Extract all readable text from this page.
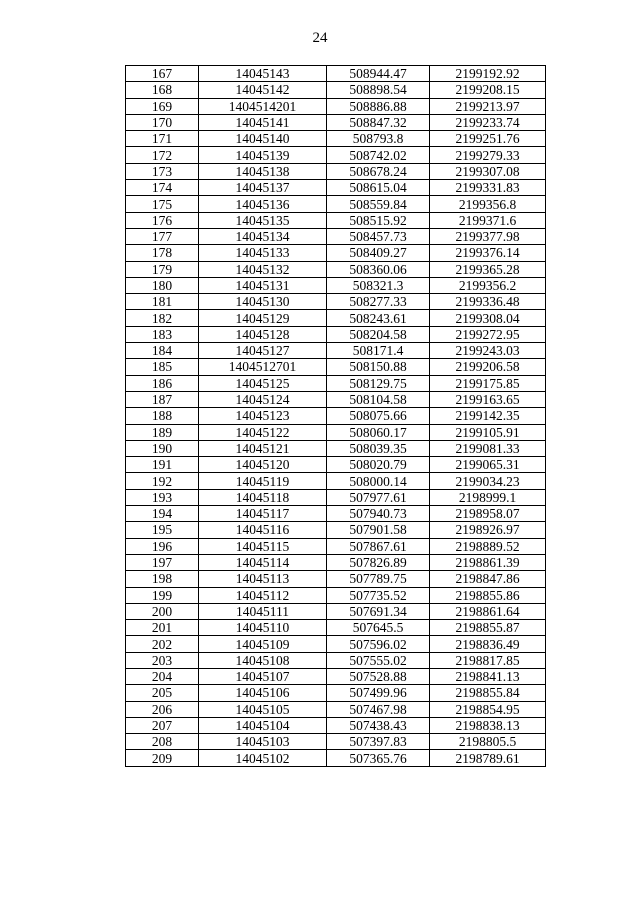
24
167	14045143	508944.47	2199192.92
168	14045142	508898.54	2199208.15
169	1404514201	508886.88	2199213.97
170	14045141	508847.32	2199233.74
171	14045140	508793.8	2199251.76
172	14045139	508742.02	2199279.33
173	14045138	508678.24	2199307.08
174	14045137	508615.04	2199331.83
175	14045136	508559.84	2199356.8
176	14045135	508515.92	2199371.6
177	14045134	508457.73	2199377.98
178	14045133	508409.27	2199376.14
179	14045132	508360.06	2199365.28
180	14045131	508321.3	2199356.2
181	14045130	508277.33	2199336.48
182	14045129	508243.61	2199308.04
183	14045128	508204.58	2199272.95
184	14045127	508171.4	2199243.03
185	1404512701	508150.88	2199206.58
186	14045125	508129.75	2199175.85
187	14045124	508104.58	2199163.65
188	14045123	508075.66	2199142.35
189	14045122	508060.17	2199105.91
190	14045121	508039.35	2199081.33
191	14045120	508020.79	2199065.31
192	14045119	508000.14	2199034.23
193	14045118	507977.61	2198999.1
194	14045117	507940.73	2198958.07
195	14045116	507901.58	2198926.97
196	14045115	507867.61	2198889.52
197	14045114	507826.89	2198861.39
198	14045113	507789.75	2198847.86
199	14045112	507735.52	2198855.86
200	14045111	507691.34	2198861.64
201	14045110	507645.5	2198855.87
202	14045109	507596.02	2198836.49
203	14045108	507555.02	2198817.85
204	14045107	507528.88	2198841.13
205	14045106	507499.96	2198855.84
206	14045105	507467.98	2198854.95
207	14045104	507438.43	2198838.13
208	14045103	507397.83	2198805.5
209	14045102	507365.76	2198789.61
